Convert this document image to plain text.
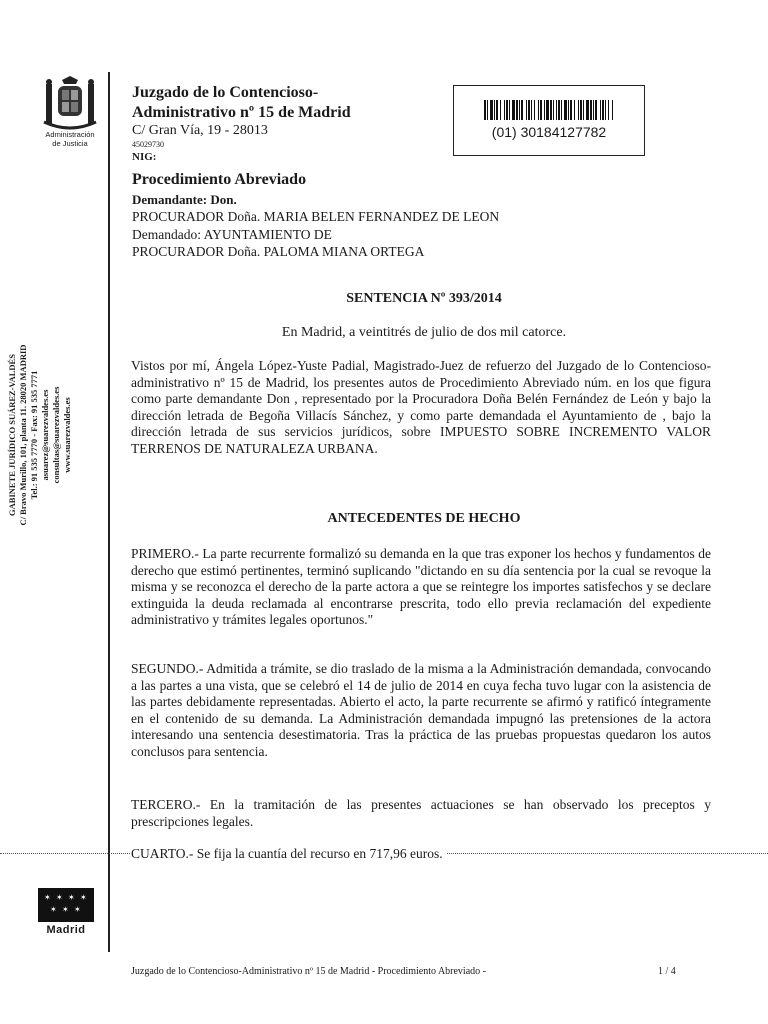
Administración
de Justicia
GABINETE JURÍDICO SUÁREZ-VALDÉS C/ Bravo Murillo, 101, planta 11. 28020 MADRID Tel.: 91 535 7770 - Fax: 91 535 7771 asuarez@suarezvaldes.es consultas@suarezvaldes.es www.suarezvaldes.es
✶ ✶ ✶ ✶
✶ ✶ ✶
Madrid
Juzgado de lo Contencioso-
Administrativo nº 15 de Madrid
C/ Gran Vía, 19 - 28013
45029730
NIG:
Procedimiento Abreviado
Demandante: Don.
PROCURADOR Doña. MARIA BELEN FERNANDEZ DE LEON
Demandado: AYUNTAMIENTO DE
PROCURADOR Doña. PALOMA MIANA ORTEGA
(01) 30184127782
SENTENCIA Nº 393/2014
En Madrid, a veintitrés de julio de dos mil catorce.
Vistos por mí, Ángela López-Yuste Padial, Magistrado-Juez de refuerzo del Juzgado de lo Contencioso-administrativo nº 15 de Madrid, los presentes autos de Procedimiento Abreviado núm. en los que figura como parte demandante Don , representado por la Procuradora Doña Belén Fernández de León y bajo la dirección letrada de Begoña Villacís Sánchez, y como parte demandada el Ayuntamiento de , bajo la dirección letrada de sus servicios jurídicos, sobre IMPUESTO SOBRE INCREMENTO VALOR TERRENOS DE NATURALEZA URBANA.
ANTECEDENTES DE HECHO
PRIMERO.- La parte recurrente formalizó su demanda en la que tras exponer los hechos y fundamentos de derecho que estimó pertinentes, terminó suplicando "dictando en su día sentencia por la cual se revoque la misma y se reconozca el derecho de la parte actora a que se reintegre los importes satisfechos y se declare extinguida la deuda reclamada al encontrarse prescrita, todo ello previa reclamación del expediente administrativo y trámites legales oportunos."
SEGUNDO.- Admitida a trámite, se dio traslado de la misma a la Administración demandada, convocando a las partes a una vista, que se celebró el 14 de julio de 2014 en cuya fecha tuvo lugar con la asistencia de las partes debidamente representadas. Abierto el acto, la parte recurrente se afirmó y ratificó íntegramente en el contenido de su demanda. La Administración demandada impugnó las pretensiones de la actora interesando una sentencia desestimatoria. Tras la práctica de las pruebas propuestas quedaron los autos conclusos para sentencia.
TERCERO.- En la tramitación de las presentes actuaciones se han observado los preceptos y prescripciones legales.
CUARTO.- Se fija la cuantía del recurso en 717,96 euros.
Juzgado de lo Contencioso-Administrativo nº 15 de Madrid - Procedimiento Abreviado -	1 / 4
